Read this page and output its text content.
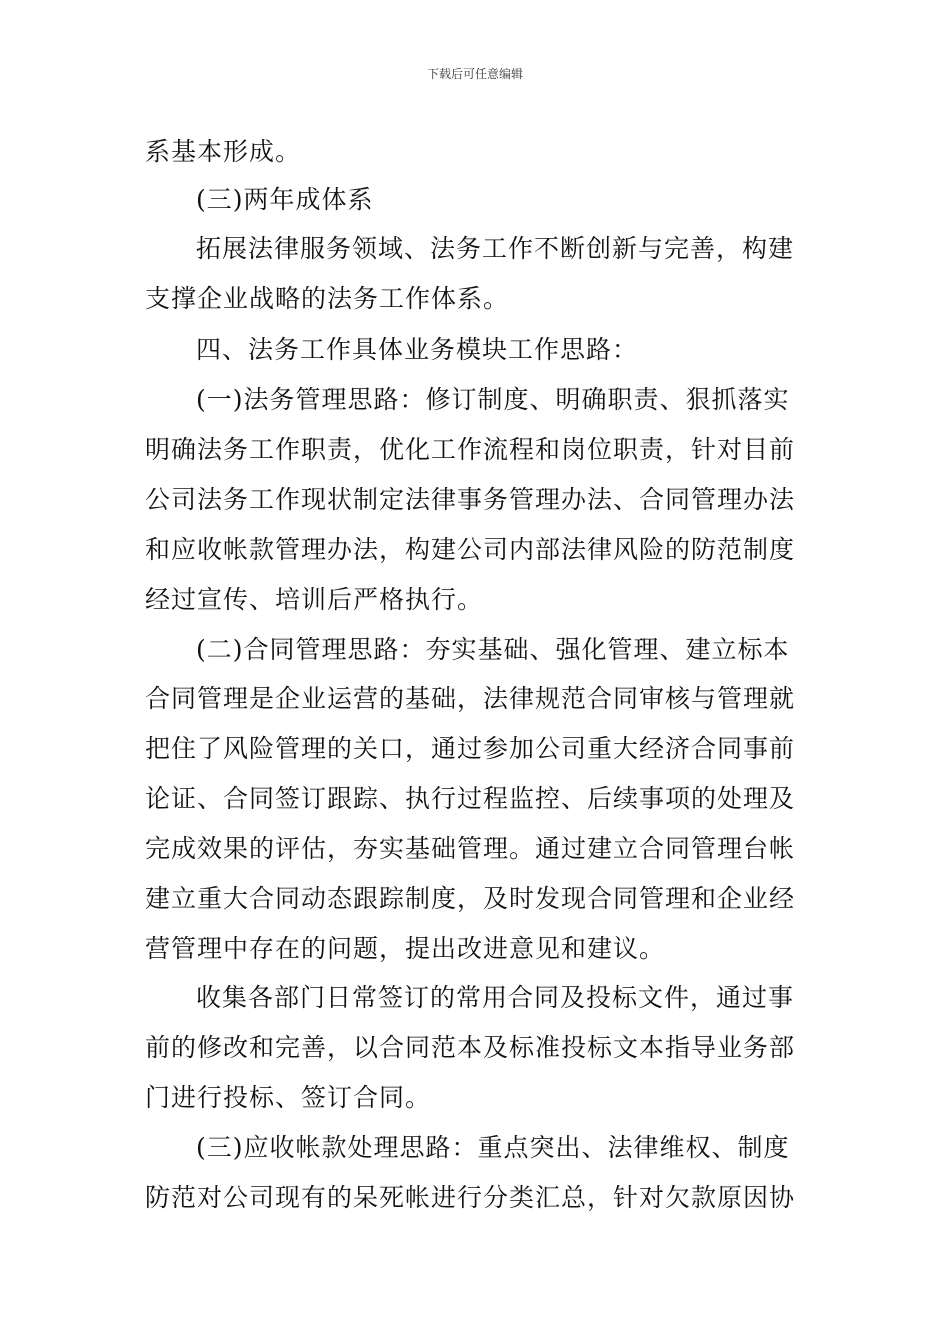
下载后可任意编辑
系基本形成。
(三)两年成体系
拓展法律服务领域、法务工作不断创新与完善，构建
支撑企业战略的法务工作体系。
四、法务工作具体业务模块工作思路：
(一)法务管理思路：修订制度、明确职责、狠抓落实
明确法务工作职责，优化工作流程和岗位职责，针对目前
公司法务工作现状制定法律事务管理办法、合同管理办法
和应收帐款管理办法，构建公司内部法律风险的防范制度
经过宣传、培训后严格执行。
(二)合同管理思路：夯实基础、强化管理、建立标本
合同管理是企业运营的基础，法律规范合同审核与管理就
把住了风险管理的关口，通过参加公司重大经济合同事前
论证、合同签订跟踪、执行过程监控、后续事项的处理及
完成效果的评估，夯实基础管理。通过建立合同管理台帐
建立重大合同动态跟踪制度，及时发现合同管理和企业经
营管理中存在的问题，提出改进意见和建议。
收集各部门日常签订的常用合同及投标文件，通过事
前的修改和完善，以合同范本及标准投标文本指导业务部
门进行投标、签订合同。
(三)应收帐款处理思路：重点突出、法律维权、制度
防范对公司现有的呆死帐进行分类汇总，针对欠款原因协
